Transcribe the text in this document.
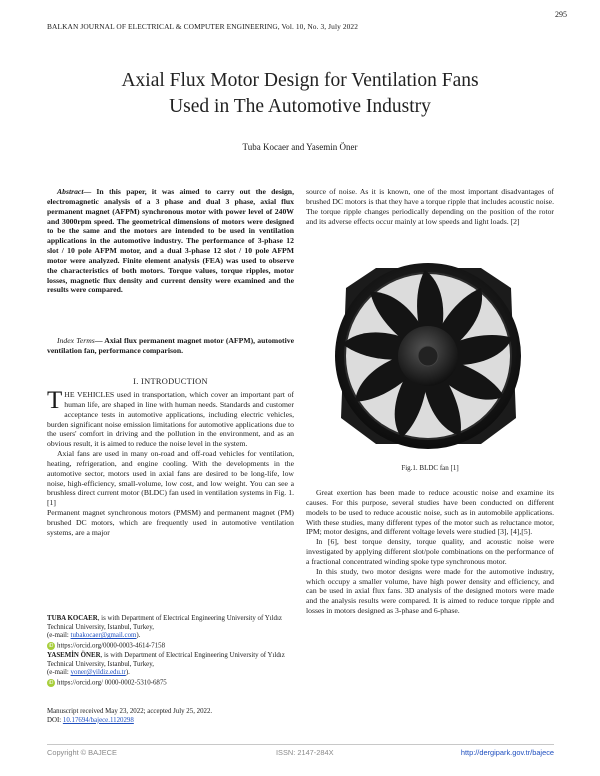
295
BALKAN JOURNAL OF ELECTRICAL & COMPUTER ENGINEERING, Vol. 10, No. 3, July 2022
Axial Flux Motor Design for Ventilation Fans
Used in The Automotive Industry
Tuba Kocaer and Yasemin Öner
Abstract— In this paper, it was aimed to carry out the design, electromagnetic analysis of a 3 phase and dual 3 phase, axial flux permanent magnet (AFPM) synchronous motor with power level of 240W and 3000rpm speed. The geometrical dimensions of motors were designed to be the same and the motors are intended to be used in ventilation applications in the automotive industry. The performance of 3-phase 12 slot / 10 pole AFPM motor, and a dual 3-phase 12 slot / 10 pole AFPM motor were analyzed. Finite element analysis (FEA) was used to observe the characteristics of both motors. Torque values, torque ripples, motor losses, magnetic flux density and current density were examined and the results were compared.
Index Terms— Axial flux permanent magnet motor (AFPM), automotive ventilation fan, performance comparison.
I. INTRODUCTION

THE VEHICLES used in transportation, which cover an important part of human life, are shaped in line with human needs. Standards and customer acceptance tests in automotive applications, including electric vehicles, burden significant noise emission limitations for automotive applications due to the users' comfort in driving and the pollution in the environment, and as an obvious result, it is aimed to reduce the noise level in the system.

Axial fans are used in many on-road and off-road vehicles for ventilation, heating, refrigeration, and engine cooling. With the developments in the automotive sector, motors used in axial fans are desired to be long-life, low noise, high-efficiency, small-volume, low cost, and low weight. You can see a brushless direct current motor (BLDC) fan used in ventilation systems in Fig. 1. [1]

Permanent magnet synchronous motors (PMSM) and permanent magnet (PM) brushed DC motors, which are frequently used in automotive ventilation systems, are a major

TUBA KOCAER, is with Department of Electrical Engineering University of Yıldız Technical University, Istanbul, Turkey,
(e-mail: tubakocaer@gmail.com).

iD https://orcid.org/0000-0003-4614-7158

YASEMİN ÖNER, is with Department of Electrical Engineering University of Yıldız Technical University, Istanbul, Turkey,
(e-mail: yoner@yildiz.edu.tr).

iD https://orcid.org/ 0000-0002-5310-6875

Manuscript received May 23, 2022; accepted July 25, 2022.
DOI: 10.17694/bajece.1120298
source of noise. As it is known, one of the most important disadvantages of brushed DC motors is that they have a torque ripple that includes acoustic noise. The torque ripple changes periodically depending on the position of the rotor and its adverse effects occur mainly at low speeds and light loads. [2]
Fig.1. BLDC fan [1]

Great exertion has been made to reduce acoustic noise and examine its causes. For this purpose, several studies have been conducted on different models to be used to reduce acoustic noise, such as in automobile applications. With these studies, many different types of the motor such as reluctance motor, IPM; motor designs, and different voltage levels were studied [3], [4],[5].

In [6], best torque density, torque quality, and acoustic noise were investigated by applying different slot/pole combinations on the performance of a fractional concentrated winding spoke type synchronous motor.

In this study, two motor designs were made for the automotive industry, which occupy a smaller volume, have high power density and efficiency, and can be used in axial flux fans. 3D analysis of the designed motors were made and the analysis results were compared. It is aimed to reduce torque ripple and losses in motors designed as 3-phase and 6-phase.

Copyright © BAJECE	ISSN: 2147-284X	http://dergipark.gov.tr/bajece
